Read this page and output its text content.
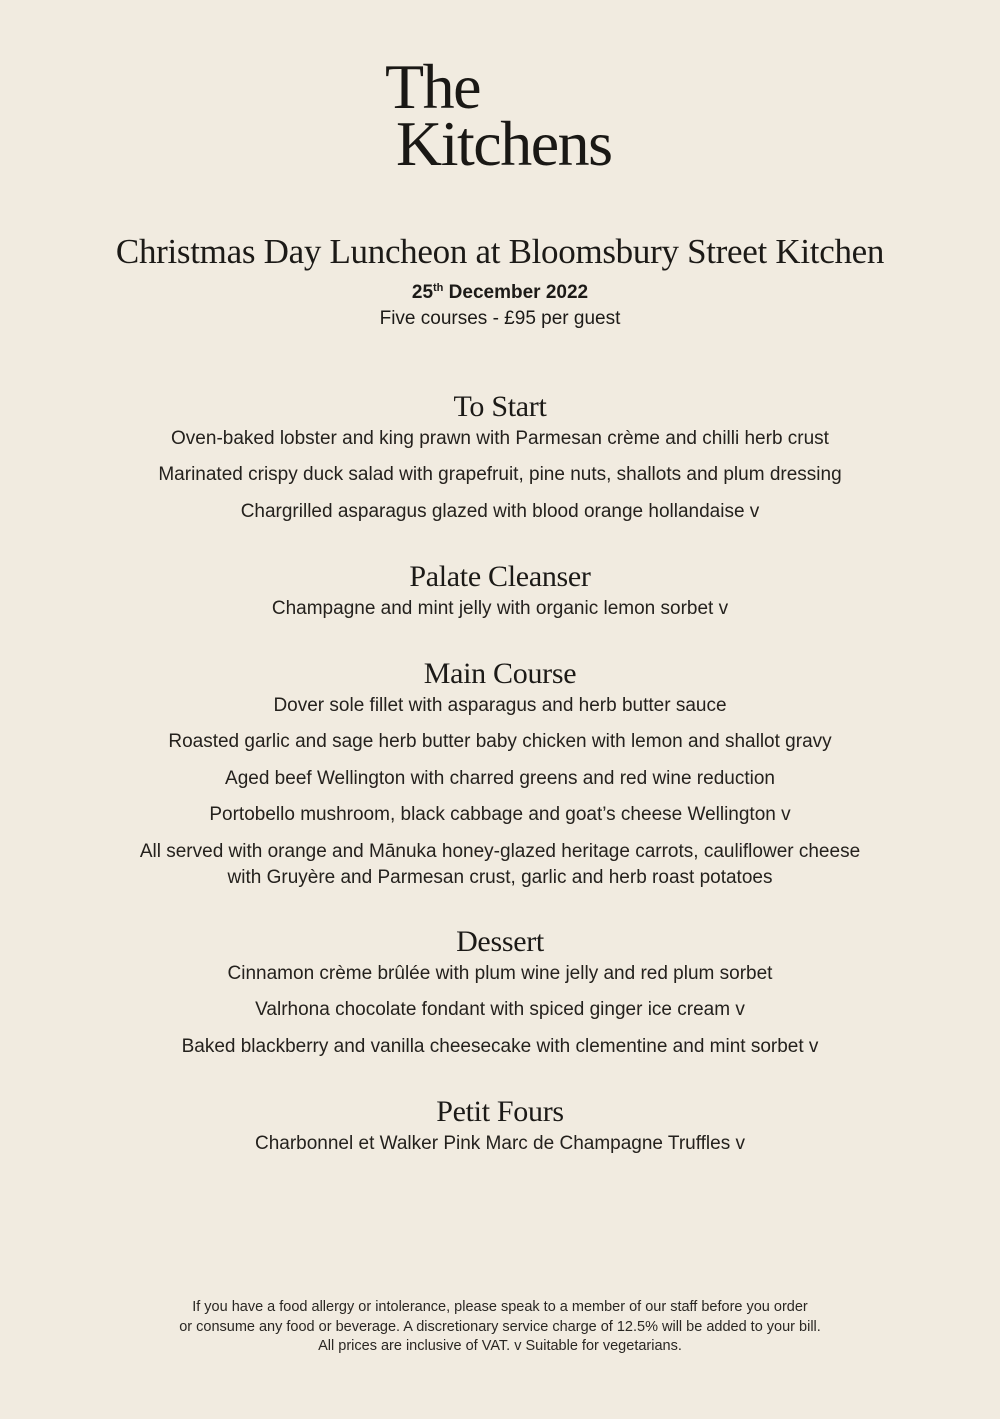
The
Kitchens
Christmas Day Luncheon at Bloomsbury Street Kitchen
25th December 2022
Five courses - £95 per guest
To Start
Oven-baked lobster and king prawn with Parmesan crème and chilli herb crust
Marinated crispy duck salad with grapefruit, pine nuts, shallots and plum dressing
Chargrilled asparagus glazed with blood orange hollandaise v
Palate Cleanser
Champagne and mint jelly with organic lemon sorbet v
Main Course
Dover sole fillet with asparagus and herb butter sauce
Roasted garlic and sage herb butter baby chicken with lemon and shallot gravy
Aged beef Wellington with charred greens and red wine reduction
Portobello mushroom, black cabbage and goat’s cheese Wellington v
All served with orange and Mānuka honey-glazed heritage carrots, cauliflower cheese
with Gruyère and Parmesan crust, garlic and herb roast potatoes
Dessert
Cinnamon crème brûlée with plum wine jelly and red plum sorbet
Valrhona chocolate fondant with spiced ginger ice cream v
Baked blackberry and vanilla cheesecake with clementine and mint sorbet v
Petit Fours
Charbonnel et Walker Pink Marc de Champagne Truffles v
If you have a food allergy or intolerance, please speak to a member of our staff before you order
or consume any food or beverage. A discretionary service charge of 12.5% will be added to your bill.
All prices are inclusive of VAT. v Suitable for vegetarians.
